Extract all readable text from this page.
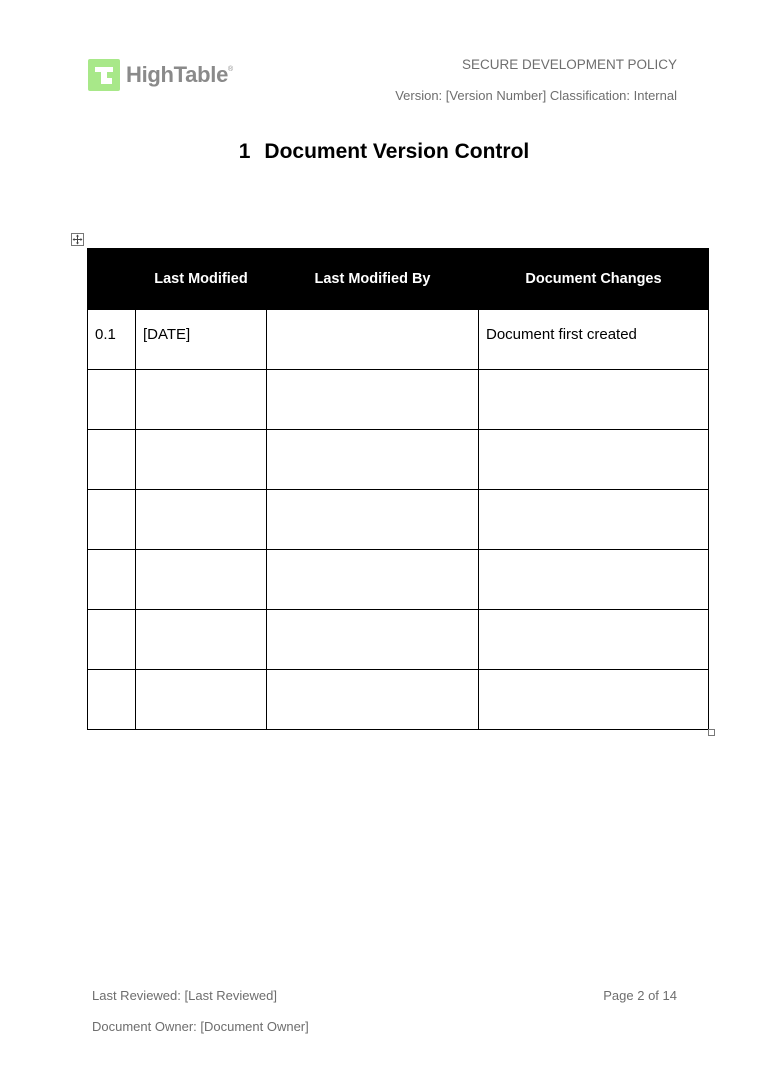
HighTable®	SECURE DEVELOPMENT POLICY
Version: [Version Number] Classification: Internal
1 Document Version Control
	Last Modified	Last Modified By	Document Changes
0.1	[DATE]		Document first created

Last Reviewed: [Last Reviewed]
Document Owner: [Document Owner]
Page 2 of 14
